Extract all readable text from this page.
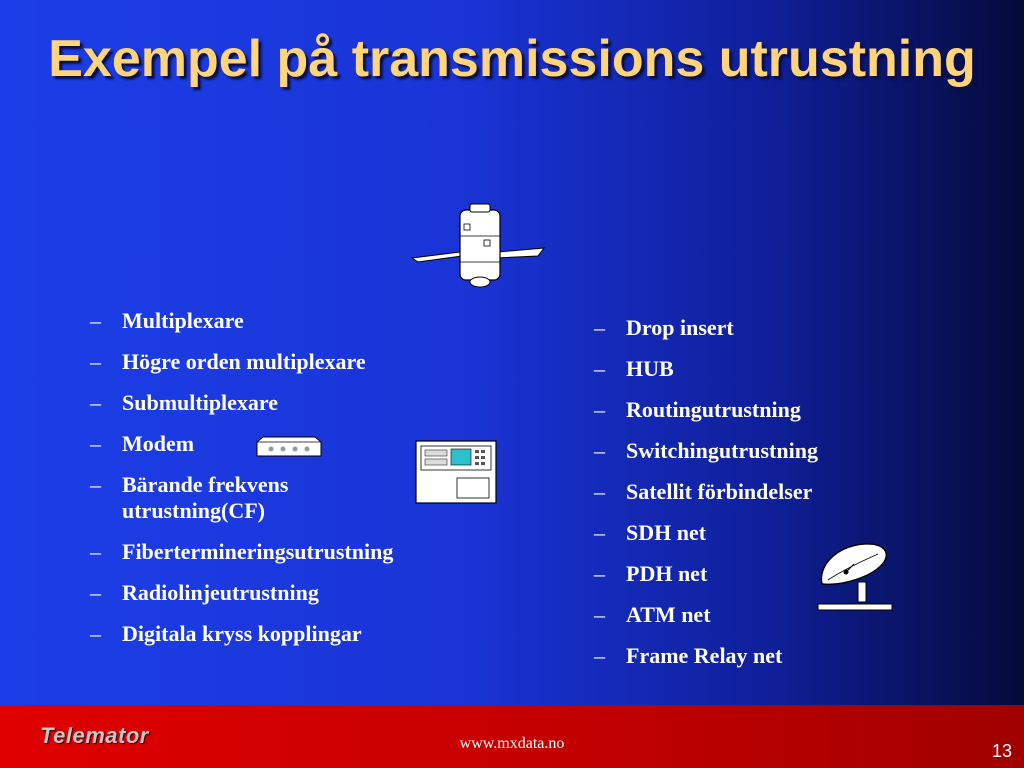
Exempel på transmissions utrustning
– Multiplexare
– Högre orden multiplexare
– Submultiplexare
– Modem
– Bärande frekvens utrustning(CF)
– Fibertermineringsutrustning
– Radiolinjeutrustning
– Digitala kryss kopplingar
– Drop insert
– HUB
– Routingutrustning
– Switchingutrustning
– Satellit förbindelser
– SDH net
– PDH net
– ATM net
– Frame Relay net
Telemator	www.mxdata.no	13
